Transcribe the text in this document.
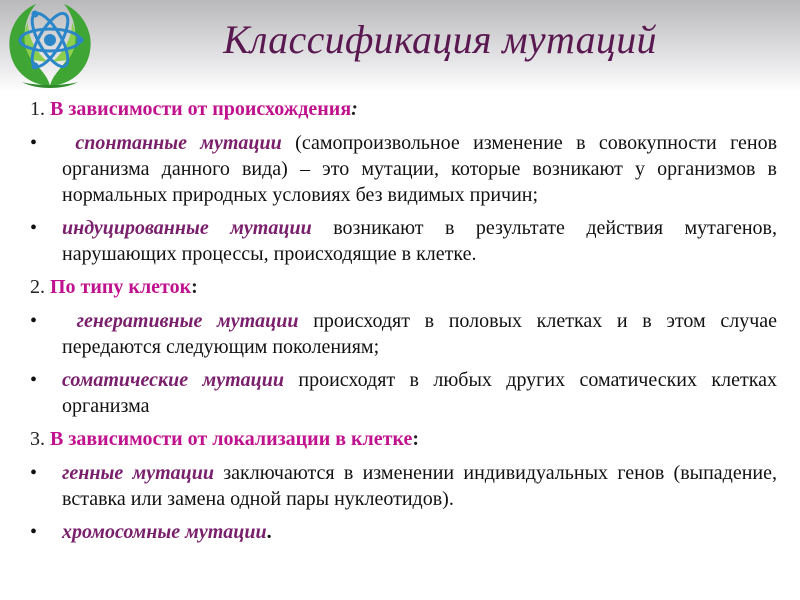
Классификация мутаций
1. В зависимости от происхождения:
•	спонтанные мутации (самопроизвольное изменение в совокупности генов организма данного вида) – это мутации, которые возникают у организмов в нормальных природных условиях без видимых причин;
•	индуцированные мутации возникают в результате действия мутагенов, нарушающих процессы, происходящие в клетке.
2. По типу клеток:
•	генеративные мутации происходят в половых клетках и в этом случае передаются следующим поколениям;
•	соматические мутации происходят в любых других соматических клетках организма
3. В зависимости от локализации в клетке:
•	генные мутации заключаются в изменении индивидуальных генов (выпадение, вставка или замена одной пары нуклеотидов).
•	хромосомные мутации.
